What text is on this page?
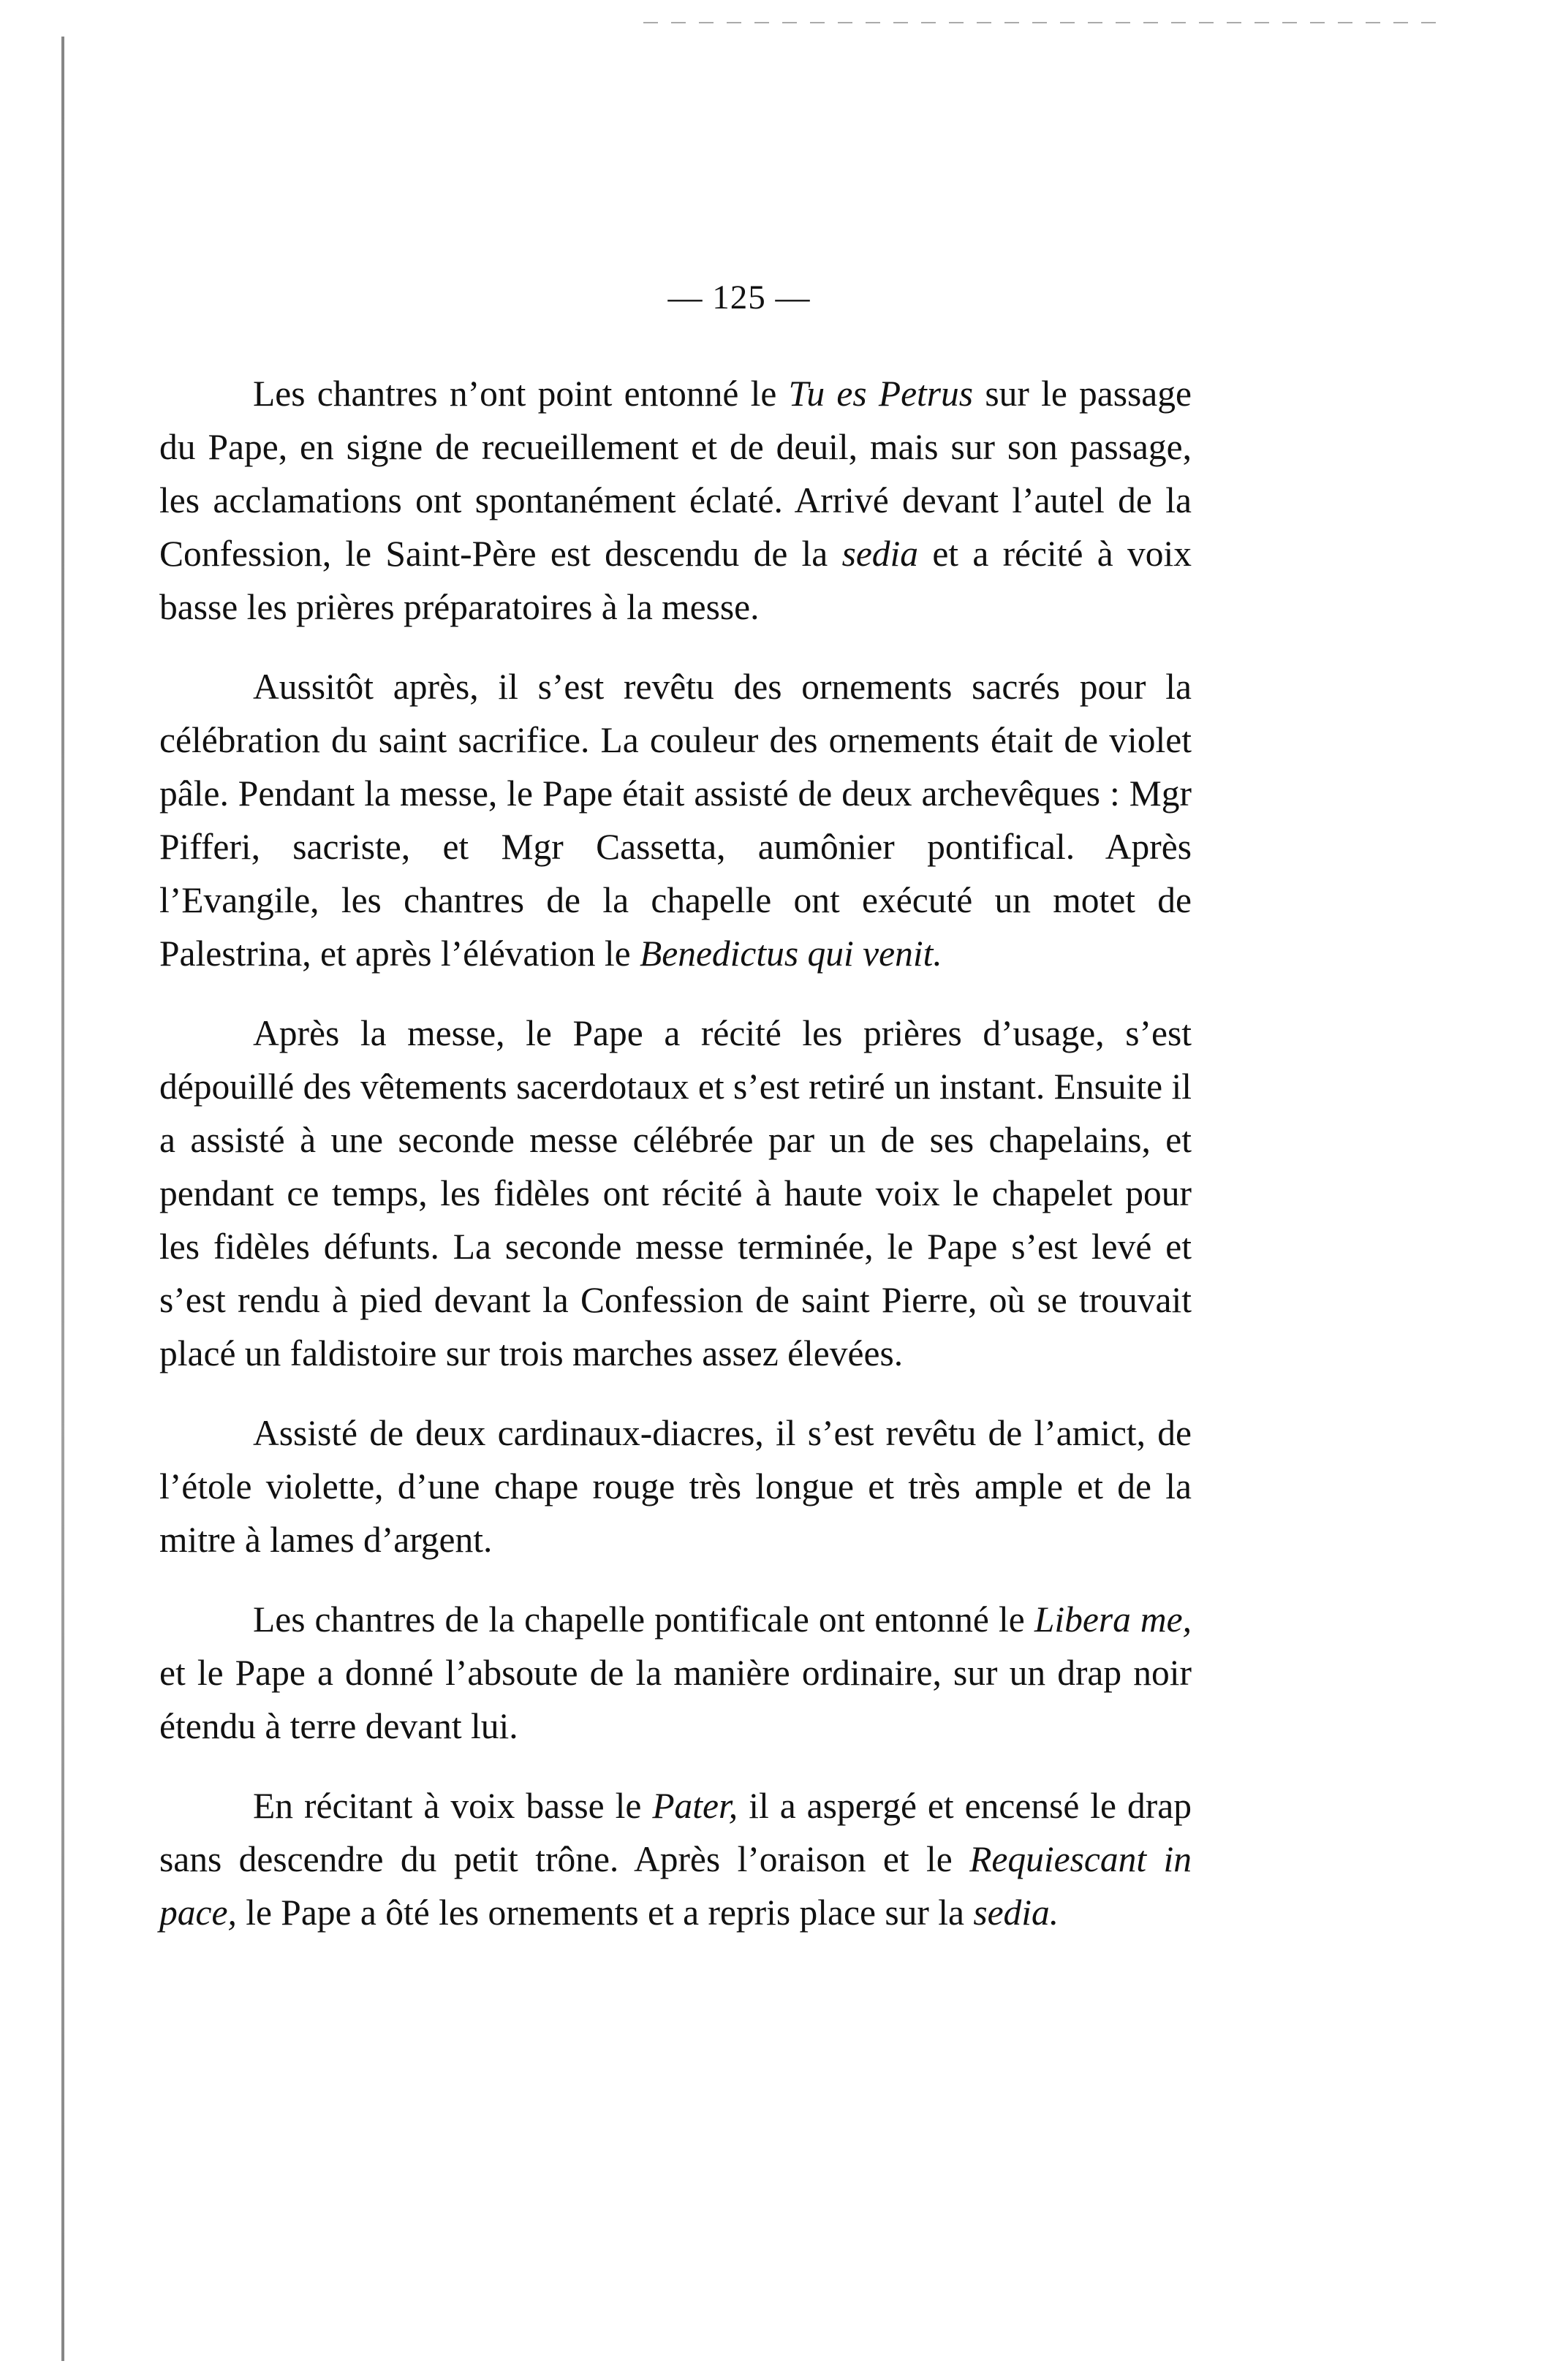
— 125 —

Les chantres n’ont point entonné le Tu es Petrus sur le passage du Pape, en signe de recueillement et de deuil, mais sur son passage, les acclamations ont spontanément éclaté. Arrivé devant l’autel de la Confession, le Saint-Père est descendu de la sedia et a récité à voix basse les prières préparatoires à la messe.

Aussitôt après, il s’est revêtu des ornements sacrés pour la célébration du saint sacrifice. La couleur des ornements était de violet pâle. Pendant la messe, le Pape était assisté de deux archevêques : Mgr Pifferi, sacriste, et Mgr Cassetta, aumônier pontifical. Après l’Evangile, les chantres de la chapelle ont exécuté un motet de Palestrina, et après l’élévation le Benedictus qui venit.

Après la messe, le Pape a récité les prières d’usage, s’est dépouillé des vêtements sacerdotaux et s’est retiré un instant. Ensuite il a assisté à une seconde messe célébrée par un de ses chapelains, et pendant ce temps, les fidèles ont récité à haute voix le chapelet pour les fidèles défunts. La seconde messe terminée, le Pape s’est levé et s’est rendu à pied devant la Confession de saint Pierre, où se trouvait placé un faldistoire sur trois marches assez élevées.

Assisté de deux cardinaux-diacres, il s’est revêtu de l’amict, de l’étole violette, d’une chape rouge très longue et très ample et de la mitre à lames d’argent.

Les chantres de la chapelle pontificale ont entonné le Libera me, et le Pape a donné l’absoute de la manière ordinaire, sur un drap noir étendu à terre devant lui.

En récitant à voix basse le Pater, il a aspergé et encensé le drap sans descendre du petit trône. Après l’oraison et le Requiescant in pace, le Pape a ôté les ornements et a repris place sur la sedia.
